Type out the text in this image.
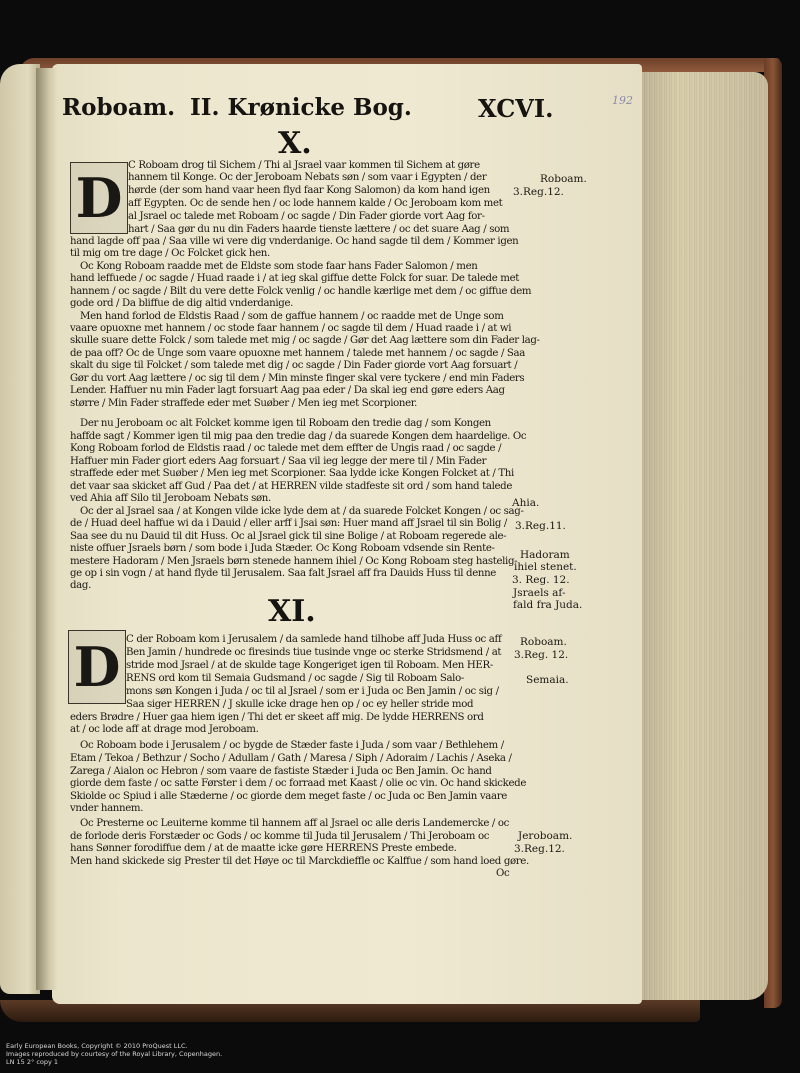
Roboam. II. Krønicke Bog.	XCVI.	192
X.
XI.
D
D
C Roboam drog til Sichem / Thi al Jsrael vaar kommen til Sichem at gøre
hannem til Konge. Oc der Jeroboam Nebats søn / som vaar i Egypten / der
hørde (der som hand vaar heen flyd faar Kong Salomon) da kom hand igen
aff Egypten. Oc de sende hen / oc lode hannem kalde / Oc Jeroboam kom met
al Jsrael oc talede met Roboam / oc sagde / Din Fader giorde vort Aag for-
hart / Saa gør du nu din Faders haarde tienste lættere / oc det suare Aag / som
hand lagde off paa / Saa ville wi vere dig vnderdanige. Oc hand sagde til dem / Kommer igen
til mig om tre dage / Oc Folcket gick hen.
Oc Kong Roboam raadde met de Eldste som stode faar hans Fader Salomon / men
hand leffuede / oc sagde / Huad raade i / at ieg skal giffue dette Folck for suar. De talede met
hannem / oc sagde / Bilt du vere dette Folck venlig / oc handle kærlige met dem / oc giffue dem
gode ord / Da bliffue de dig altid vnderdanige.
Men hand forlod de Eldstis Raad / som de gaffue hannem / oc raadde met de Unge som
vaare opuoxne met hannem / oc stode faar hannem / oc sagde til dem / Huad raade i / at wi
skulle suare dette Folck / som talede met mig / oc sagde / Gør det Aag lættere som din Fader lag-
de paa off? Oc de Unge som vaare opuoxne met hannem / talede met hannem / oc sagde / Saa
skalt du sige til Folcket / som talede met dig / oc sagde / Din Fader giorde vort Aag forsuart /
Gør du vort Aag lættere / oc sig til dem / Min minste finger skal vere tyckere / end min Faders
Lender. Haffuer nu min Fader lagt forsuart Aag paa eder / Da skal ieg end gøre eders Aag
større / Min Fader straffede eder met Suøber / Men ieg met Scorpioner.
Der nu Jeroboam oc alt Folcket komme igen til Roboam den tredie dag / som Kongen
haffde sagt / Kommer igen til mig paa den tredie dag / da suarede Kongen dem haardelige. Oc
Kong Roboam forlod de Eldstis raad / oc talede met dem effter de Ungis raad / oc sagde /
Haffuer min Fader giort eders Aag forsuart / Saa vil ieg legge der mere til / Min Fader
straffede eder met Suøber / Men ieg met Scorpioner. Saa lydde icke Kongen Folcket at / Thi
det vaar saa skicket aff Gud / Paa det / at HERREN vilde stadfeste sit ord / som hand talede
ved Ahia aff Silo til Jeroboam Nebats søn.
Oc der al Jsrael saa / at Kongen vilde icke lyde dem at / da suarede Folcket Kongen / oc sag-
de / Huad deel haffue wi da i Dauid / eller arff i Jsai søn: Huer mand aff Jsrael til sin Bolig /
Saa see du nu Dauid til dit Huss. Oc al Jsrael gick til sine Bolige / at Roboam regerede ale-
niste offuer Jsraels børn / som bode i Juda Stæder. Oc Kong Roboam vdsende sin Rente-
mestere Hadoram / Men Jsraels børn stenede hannem ihiel / Oc Kong Roboam steg hastelig-
ge op i sin vogn / at hand flyde til Jerusalem. Saa falt Jsrael aff fra Dauids Huss til denne
dag.
C der Roboam kom i Jerusalem / da samlede hand tilhobe aff Juda Huss oc aff
Ben Jamin / hundrede oc firesinds tiue tusinde vnge oc sterke Stridsmend / at
stride mod Jsrael / at de skulde tage Kongeriget igen til Roboam. Men HER-
RENS ord kom til Semaia Gudsmand / oc sagde / Sig til Roboam Salo-
mons søn Kongen i Juda / oc til al Jsrael / som er i Juda oc Ben Jamin / oc sig /
Saa siger HERREN / J skulle icke drage hen op / oc ey heller stride mod
eders Brødre / Huer gaa hiem igen / Thi det er skeet aff mig. De lydde HERRENS ord
at / oc lode aff at drage mod Jeroboam.
Oc Roboam bode i Jerusalem / oc bygde de Stæder faste i Juda / som vaar / Bethlehem /
Etam / Tekoa / Bethzur / Socho / Adullam / Gath / Maresa / Siph / Adoraim / Lachis / Aseka /
Zarega / Aialon oc Hebron / som vaare de fastiste Stæder i Juda oc Ben Jamin. Oc hand
giorde dem faste / oc satte Førster i dem / oc forraad met Kaast / olie oc vin. Oc hand skickede
Skiolde oc Spiud i alle Stæderne / oc giorde dem meget faste / oc Juda oc Ben Jamin vaare
vnder hannem.
Oc Presterne oc Leuiterne komme til hannem aff al Jsrael oc alle deris Landemercke / oc
de forlode deris Forstæder oc Gods / oc komme til Juda til Jerusalem / Thi Jeroboam oc
hans Sønner forodiffue dem / at de maatte icke gøre HERRENS Preste embede.
Men hand skickede sig Prester til det Høye oc til Marckdieffle oc Kalffue / som hand loed gøre.
Oc
Roboam.
3.Reg.12.
Ahia.
3.Reg.11.
Hadoram
ihiel stenet.
3. Reg. 12.
Jsraels af-
fald fra Juda.
Roboam.
3.Reg. 12.
Semaia.
Jeroboam.
3.Reg.12.
Early European Books, Copyright © 2010 ProQuest LLC.
Images reproduced by courtesy of the Royal Library, Copenhagen.
LN 15 2° copy 1
